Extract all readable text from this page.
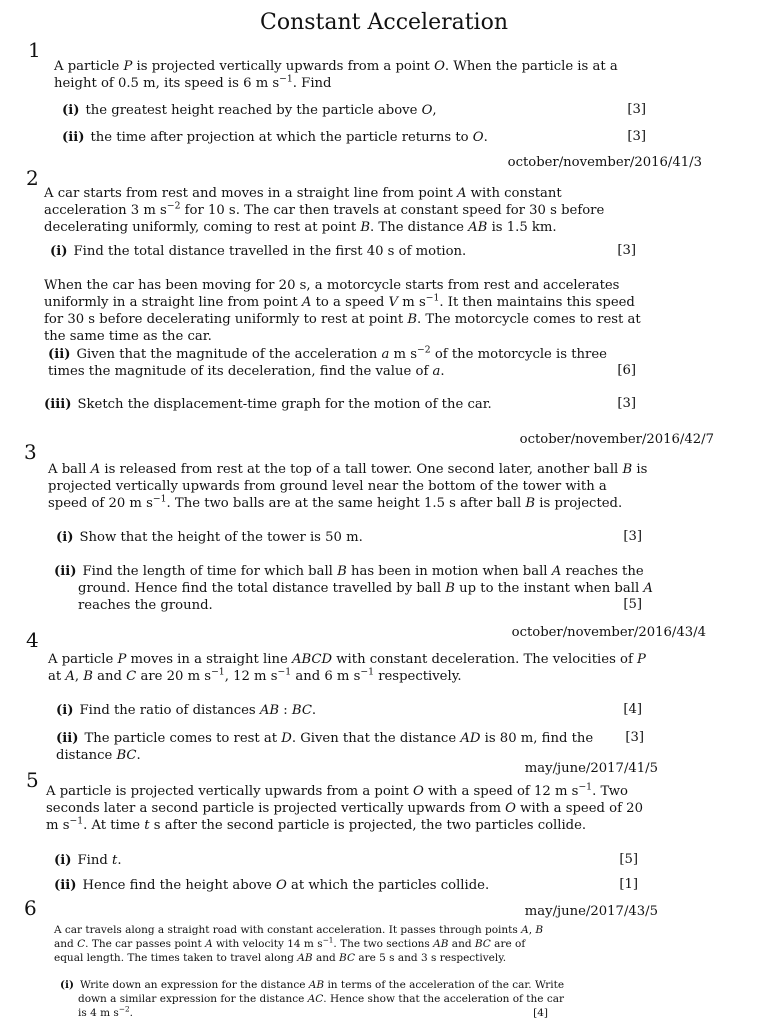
Constant Acceleration
1
A particle P is projected vertically upwards from a point O. When the particle is at a height of 0.5 m, its speed is 6 m $s^{-1}$. Find
(i) the greatest height reached by the particle above O,	[3]
(ii) the time after projection at which the particle returns to O.	[3]
october/november/2016/41/3
2
A car starts from rest and moves in a straight line from point A with constant acceleration 3 m $s^{-2}$ for 10 s. The car then travels at constant speed for 30 s before decelerating uniformly, coming to rest at point B. The distance AB is 1.5 km.
(i) Find the total distance travelled in the first 40 s of motion.	[3]
When the car has been moving for 20 s, a motorcycle starts from rest and accelerates uniformly in a straight line from point A to a speed V m $s^{-1}$. It then maintains this speed for 30 s before decelerating uniformly to rest at point B. The motorcycle comes to rest at the same time as the car.
(ii) Given that the magnitude of the acceleration a m $s^{-2}$ of the motorcycle is three times the magnitude of its deceleration, find the value of a.	[6]
(iii) Sketch the displacement-time graph for the motion of the car.	[3]
october/november/2016/42/7
3
A ball A is released from rest at the top of a tall tower. One second later, another ball B is projected vertically upwards from ground level near the bottom of the tower with a speed of 20 m $s^{-1}$. The two balls are at the same height 1.5 s after ball B is projected.
(i) Show that the height of the tower is 50 m.	[3]
(ii) Find the length of time for which ball B has been in motion when ball A reaches the ground. Hence find the total distance travelled by ball B up to the instant when ball A reaches the ground.	[5]
october/november/2016/43/4
4
A particle P moves in a straight line ABCD with constant deceleration. The velocities of P at A, B and C are 20 m $s^{-1}$, 12 m $s^{-1}$ and 6 m $s^{-1}$ respectively.
(i) Find the ratio of distances AB : BC.	[4]
(ii) The particle comes to rest at D. Given that the distance AD is 80 m, find the distance BC.
[3]
may/june/2017/41/5
5 A particle is projected vertically upwards from a point O with a speed of 12 m $s^{-1}$. Two seconds later a second particle is projected vertically upwards from O with a speed of 20 m $s^{-1}$. At time t s after the second particle is projected, the two particles collide.
(i) Find t.	[5]
(ii) Hence find the height above O at which the particles collide.	[1]
may/june/2017/43/5
6
A car travels along a straight road with constant acceleration. It passes through points A, B and C. The car passes point A with velocity 14 m $s^{-1}$. The two sections AB and BC are of equal length. The times taken to travel along AB and BC are 5 s and 3 s respectively.
(i) Write down an expression for the distance AB in terms of the acceleration of the car. Write down a similar expression for the distance AC. Hence show that the acceleration of the car is 4 m $s^{-2}$.	[4]
